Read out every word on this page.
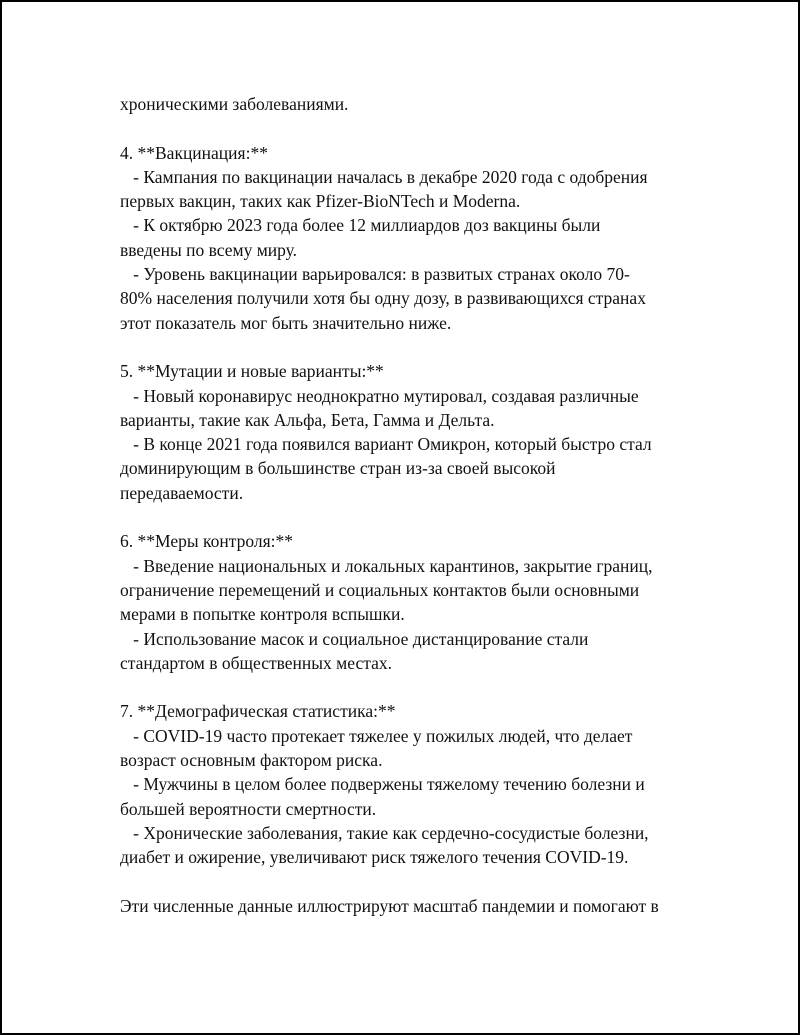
хроническими заболеваниями.
4. **Вакцинация:**
- Кампания по вакцинации началась в декабре 2020 года с одобрения
первых вакцин, таких как Pfizer-BioNTech и Moderna.
- К октябрю 2023 года более 12 миллиардов доз вакцины были
введены по всему миру.
- Уровень вакцинации варьировался: в развитых странах около 70-
80% населения получили хотя бы одну дозу, в развивающихся странах
этот показатель мог быть значительно ниже.
5. **Мутации и новые варианты:**
- Новый коронавирус неоднократно мутировал, создавая различные
варианты, такие как Альфа, Бета, Гамма и Дельта.
- В конце 2021 года появился вариант Омикрон, который быстро стал
доминирующим в большинстве стран из-за своей высокой
передаваемости.
6. **Меры контроля:**
- Введение национальных и локальных карантинов, закрытие границ,
ограничение перемещений и социальных контактов были основными
мерами в попытке контроля вспышки.
- Использование масок и социальное дистанцирование стали
стандартом в общественных местах.
7. **Демографическая статистика:**
- COVID-19 часто протекает тяжелее у пожилых людей, что делает
возраст основным фактором риска.
- Мужчины в целом более подвержены тяжелому течению болезни и
большей вероятности смертности.
- Хронические заболевания, такие как сердечно-сосудистые болезни,
диабет и ожирение, увеличивают риск тяжелого течения COVID-19.
Эти численные данные иллюстрируют масштаб пандемии и помогают в
